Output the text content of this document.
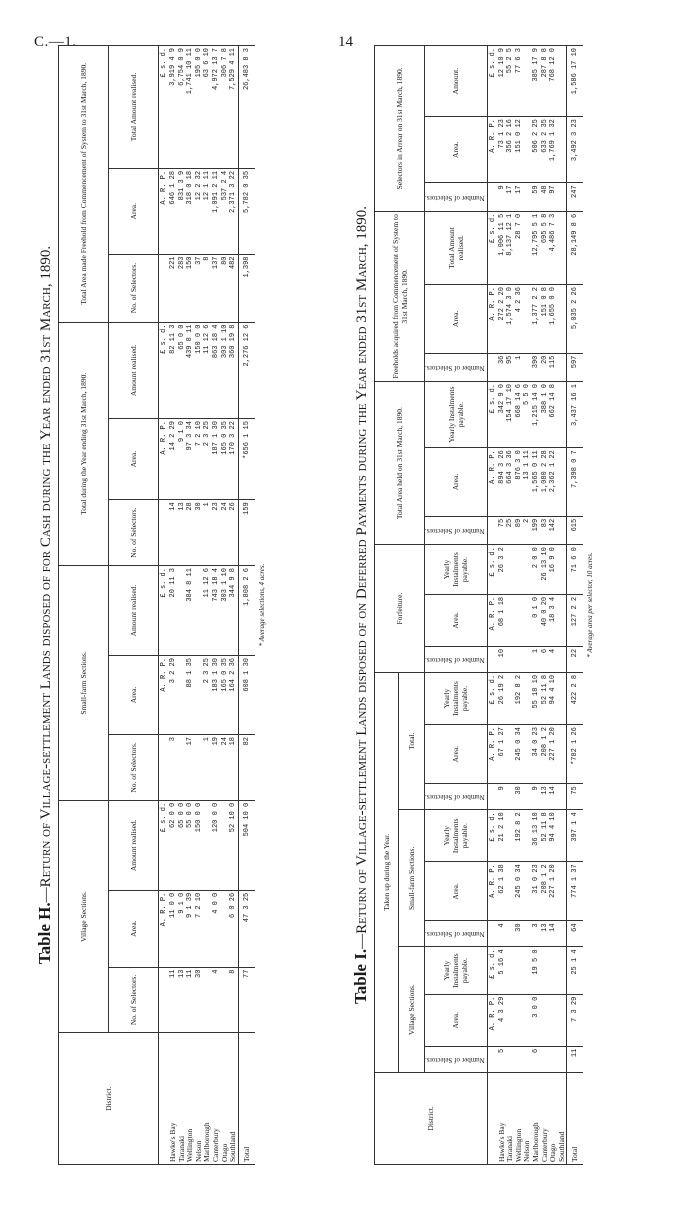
C.—1.	14
Table H.—Return of Village-settlement Lands disposed of for Cash during the Year ended 31st March, 1890.
District.	Village Sections.			Small-farm Sections.			Total during the Year ending 31st March, 1890.			Total Area made Freehold from Commencement of System to 31st March, 1890.		
	No. of Selectors.	Area.	Amount realised.	No. of Selectors.	Area.	Amount realised.	No. of Selectors.	Area.	Amount realised.	No. of Selectors.	Area.	Total Amount realised.
		A. R. P.	£ s. d.		A. R. P.	£ s. d.		A. R. P.	£ s. d.		A. R. P.	£ s. d.
Hawke's Bay	11	11 0 0	62 0 0	3	3 2 29	20 11 3	14	14 2 29	82 11 3	221	646 1 28	3,919 4 9
Taranaki	13	9 1 0	65 0 0				13	9 1 0	65 0 0	283	831 3 9	6,754 0 9
Wellington	11	9 1 39	55 0 0	17	88 1 35	384 8 11	28	97 3 34	439 8 11	150	318 0 18	1,741 10 11
Nelson	30	7 2 10	150 0 0				30	7 2 10	150 0 0	37	12 2 32	195 0 0
Marlborough				1	2 3 25	11 12 6	1	2 3 25	11 12 6	8	12 1 11	63 6 10
Canterbury	4	4 0 0	120 0 0	19	183 1 30	743 18 4	23	187 1 30	863 18 4	137	1,091 2 11	4,972 13 7
Otago				24	165 0 35	303 1 10	24	165 0 35	303 1 10	80	537 2 4	306 7 8
Southland	8	6 0 26	52 10 0	18	164 2 36	344 9 8	26	170 3 22	360 19 8	482	2,371 3 22	7,529 4 11
Total	77	47 3 25	504 10 0	82	608 1 30	1,808 2 6	159	*656 1 15	2,276 12 6	1,398	5,782 0 35	26,483 8 3
* Average selections, 4 acres.
Table I.—Return of Village-settlement Lands disposed of on Deferred Payments during the Year ended 31st March, 1890.
District.	Taken up during the Year.									Forfeiture.			Total Area held on 31st March, 1890.			Freeholds acquired from Commencement of System to 31st March, 1890.			Selectors in Arrear on 31st March, 1890.		
	Village Sections.			Small-farm Sections.			Total.														
	Number of Selectors.	Area.	Yearly Instalments payable.	Number of Selectors.	Area.	Yearly Instalments payable.	Number of Selectors.	Area.	Yearly Instalments payable.	Number of Selectors.	Area.	Yearly Instalments payable.	Number of Selectors.	Area.	Yearly Instalments payable.	Number of Selectors.	Area.	Total Amount realised.	Number of Selectors.	Area.	Amount.
		A. R. P.	£ s. d.		A. R. P.	£ s. d.		A. R. P.	£ s. d.		A. R. P.	£ s. d.		A. R. P.	£ s. d.		A. R. P.	£ s. d.		A. R. P.	£ s. d.
Hawke's Bay	5	4 3 29	5 16 4	4	62 1 38	21 2 10	9	67 1 27	26 19 2	10	68 1 18	26 3 2	75	894 3 26	342 9 0	36	272 2 20	1,006 11 5	9	73 1 23	12 10 9
Taranaki													25	664 3 36	154 17 10	95	1,574 3 0	8,137 12 1	17	356 2 16	55 2 5
Wellington				30	245 0 34	192 8 2	30	245 0 34	192 8 2				89	876 3 0	668 14 6	1	4 2 36	28 7 0	17	151 0 12	77 6 3
Nelson													2	13 1 11	5 5 0						
Marlborough	6	3 0 0	19 5 0	3	31 0 23	36 13 10	9	34 0 23	55 18 10	1	0 1 0	2 0 0	199	1,565 0 11	1,215 14 0	390	1,377 2 2	12,795 5 1	59	506 2 25	385 17 9
Canterbury				13	208 1 2	52 11 8	13	208 1 2	52 11 8	6	40 0 20	26 13 10	83	1,080 2 28	388 1 0	20	151 0 8	695 5 8	48	633 2 35	287 8 8
Otago				14	227 1 20	94 4 10	14	227 1 20	94 4 10	4	18 3 4	16 9 0	142	2,362 1 22	662 14 8	115	1,655 0 0	4,486 7 3	97	1,769 1 32	768 12 0
Southland																					
Total	11	7 3 29	25 1 4	64	774 1 37	397 1 4	75	*782 1 26	422 2 8	22	127 2 2	71 6 0	615	7,398 0 7	3,437 16 1	597	5,035 2 26	28,149 8 6	247	3,492 3 23	1,586 17 10
* Average area per selector, 10 acres.
